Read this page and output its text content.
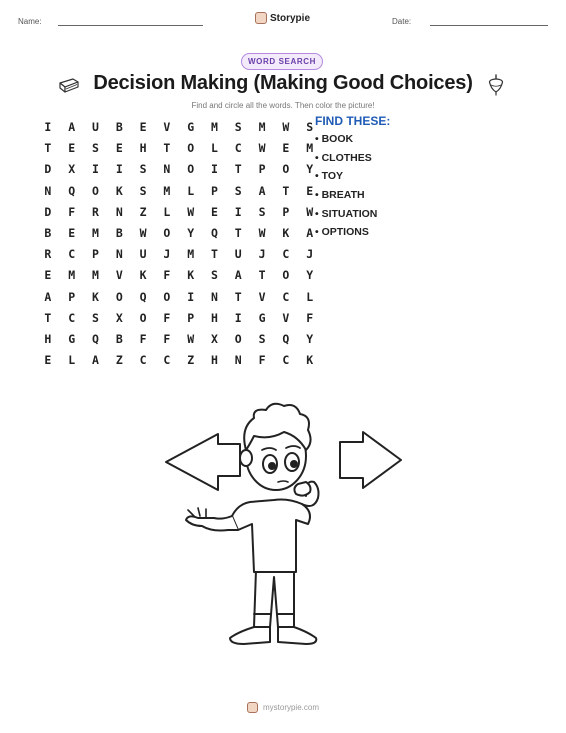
Name:	Date:
Storypie
WORD SEARCH
Decision Making (Making Good Choices)
Find and circle all the words. Then color the picture!
I	A	U	B	E	V	G	M	S	M	W	S
T	E	S	E	H	T	O	L	C	W	E	M
D	X	I	I	S	N	O	I	T	P	O	Y
N	Q	O	K	S	M	L	P	S	A	T	E
D	F	R	N	Z	L	W	E	I	S	P	W
B	E	M	B	W	O	Y	Q	T	W	K	A
R	C	P	N	U	J	M	T	U	J	C	J
E	M	M	V	K	F	K	S	A	T	O	Y
A	P	K	O	Q	O	I	N	T	V	C	L
T	C	S	X	O	F	P	H	I	G	V	F
H	G	Q	B	F	F	W	X	O	S	Q	Y
E	L	A	Z	C	C	Z	H	N	F	C	K
FIND THESE:
• BOOK
• CLOTHES
• TOY
• BREATH
• SITUATION
• OPTIONS
mystorypie.com
